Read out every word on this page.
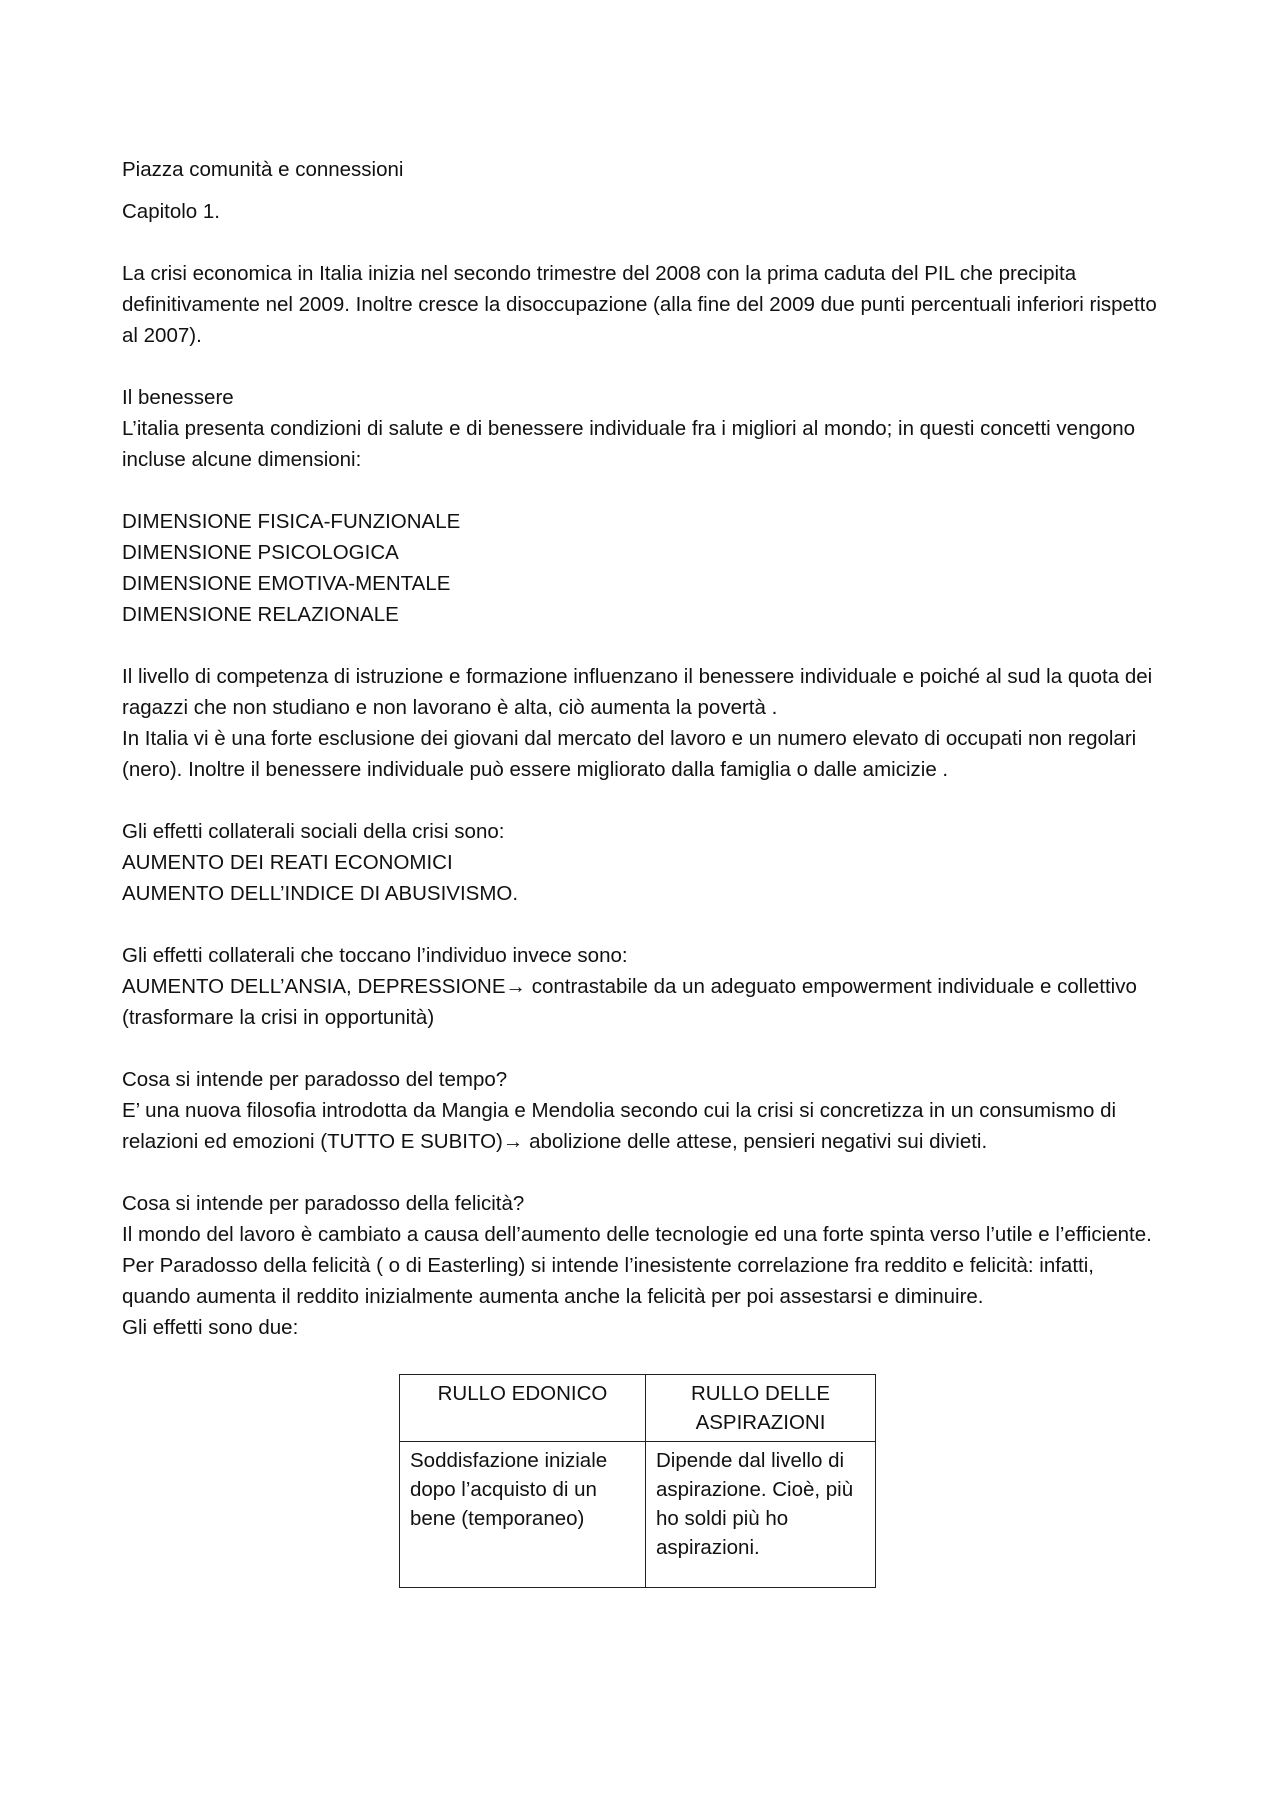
Piazza comunità e connessioni

Capitolo 1.

La crisi economica in Italia inizia nel secondo trimestre del 2008 con la prima caduta del PIL che precipita definitivamente nel 2009. Inoltre cresce la disoccupazione (alla fine del 2009 due punti percentuali inferiori rispetto al 2007).

Il benessere

L’italia presenta condizioni di salute e di benessere individuale fra i migliori al mondo; in questi concetti vengono incluse alcune dimensioni:

DIMENSIONE FISICA-FUNZIONALE

DIMENSIONE PSICOLOGICA

DIMENSIONE EMOTIVA-MENTALE

DIMENSIONE RELAZIONALE

Il livello di competenza di istruzione e formazione influenzano il benessere individuale e poiché al sud la quota dei ragazzi che non studiano e non lavorano è alta, ciò aumenta la povertà .

In Italia vi è una forte esclusione dei giovani dal mercato del lavoro e un numero elevato di occupati non regolari (nero). Inoltre il benessere individuale può essere migliorato dalla famiglia o dalle amicizie .

Gli effetti collaterali sociali della crisi sono:

AUMENTO DEI REATI ECONOMICI

AUMENTO DELL’INDICE DI ABUSIVISMO.

Gli effetti collaterali che toccano l’individuo invece sono:

AUMENTO DELL’ANSIA, DEPRESSIONE→ contrastabile da un adeguato empowerment individuale e collettivo (trasformare la crisi in opportunità)

Cosa si intende per paradosso del tempo?

E’ una nuova filosofia introdotta da Mangia e Mendolia secondo cui la crisi si concretizza in un consumismo di relazioni ed emozioni (TUTTO E SUBITO)→ abolizione delle attese, pensieri negativi sui divieti.

Cosa si intende per paradosso della felicità?

Il mondo del lavoro è cambiato a causa dell’aumento delle tecnologie ed una forte spinta verso l’utile e l’efficiente. Per Paradosso della felicità ( o di Easterling) si intende l’inesistente correlazione fra reddito e felicità: infatti, quando aumenta il reddito inizialmente aumenta anche la felicità per poi assestarsi e diminuire.

Gli effetti sono due:

RULLO EDONICO	RULLO DELLE ASPIRAZIONI
Soddisfazione iniziale dopo l’acquisto di un bene (temporaneo)	Dipende dal livello di aspirazione. Cioè, più ho soldi più ho aspirazioni.
